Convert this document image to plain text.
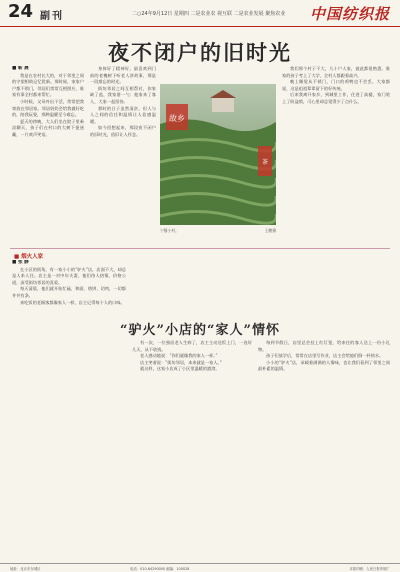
24 副刊	二○24年9月12日 星期四 二是农业农 视互联 二是农业发展 聚焦农业 中国纺织报
夜不闭户的旧时光

■ 靳 晨

我是在农村长大的，对于邻里之间的守望相助记忆犹新。那时候，家家户户都不锁门，邻居们常常互相照应，谁家有事全村都来帮忙。

小时候，父母外出干活，常常把我寄放在邻居家。邻居奶奶会给我做好吃的，陪我玩耍，那种温暖至今难忘。

夏天的傍晚，大人们坐在院子里乘凉聊天，孩子们在村口的大树下捉迷藏，一片欢声笑语。

身体好了精神好，最喜欢到门前的老槐树下听老人讲故事，那是一段难忘的时光。

街坊邻居之间互相帮衬，你家缺了盐，我家借一勺；他家来了客人，大家一起招待。

那时的日子虽然清贫，但人与人之间的信任和温情让人倍感温暖。

如今回想起来，那段夜不闭户的旧时光，依旧让人怀念。

故乡
茶
宁静小村。	王鹏摄

我们那个村子不大，几十户人家，彼此都很熟悉。谁家的孩子考上了大学，全村人都跟着高兴。

晚上睡觉从不锁门，门口的鸡鸭也不会丢。大家都说，这是祖祖辈辈留下的好传统。

后来我离开家乡，到城里工作，住进了高楼，家门装上了防盗锁，可心里却总觉得少了点什么。

■ 烟火人家

■ 张 静

在小区的街角，有一家小小的“驴火”店，店面不大，却总是人来人往。店主是一对中年夫妻，他们待人热情，价格公道，深受街坊邻居的喜爱。

每天清晨，他们就开始忙碌，和面、烙饼、切肉，一切都井井有条。

来吃饭的老顾客都像家人一样，店主记得每个人的口味。

“驴火”小店的“家人”情怀

有一次，一位独居老人生病了，店主主动送饭上门，一连好几天，从不收钱。

老人感动地说：“你们就像我的家人一样。”

店主笑着说：“街坊邻居，本来就是一家人。”

就这样，这家小店成了小区里温暖的港湾。

每到节假日，店里总会挂上红灯笼，给来往的客人送上一份小礼物。

孩子们放学后，常常在店里写作业，店主会给他们倒一杯热水。

小小的“驴火”店，承载着满满的人情味，也让我们看到了邻里之间最朴素的温情。

地址：北京市东城区	电话：010-64290000 邮编：100028	本报印刷：人民日报印刷厂
